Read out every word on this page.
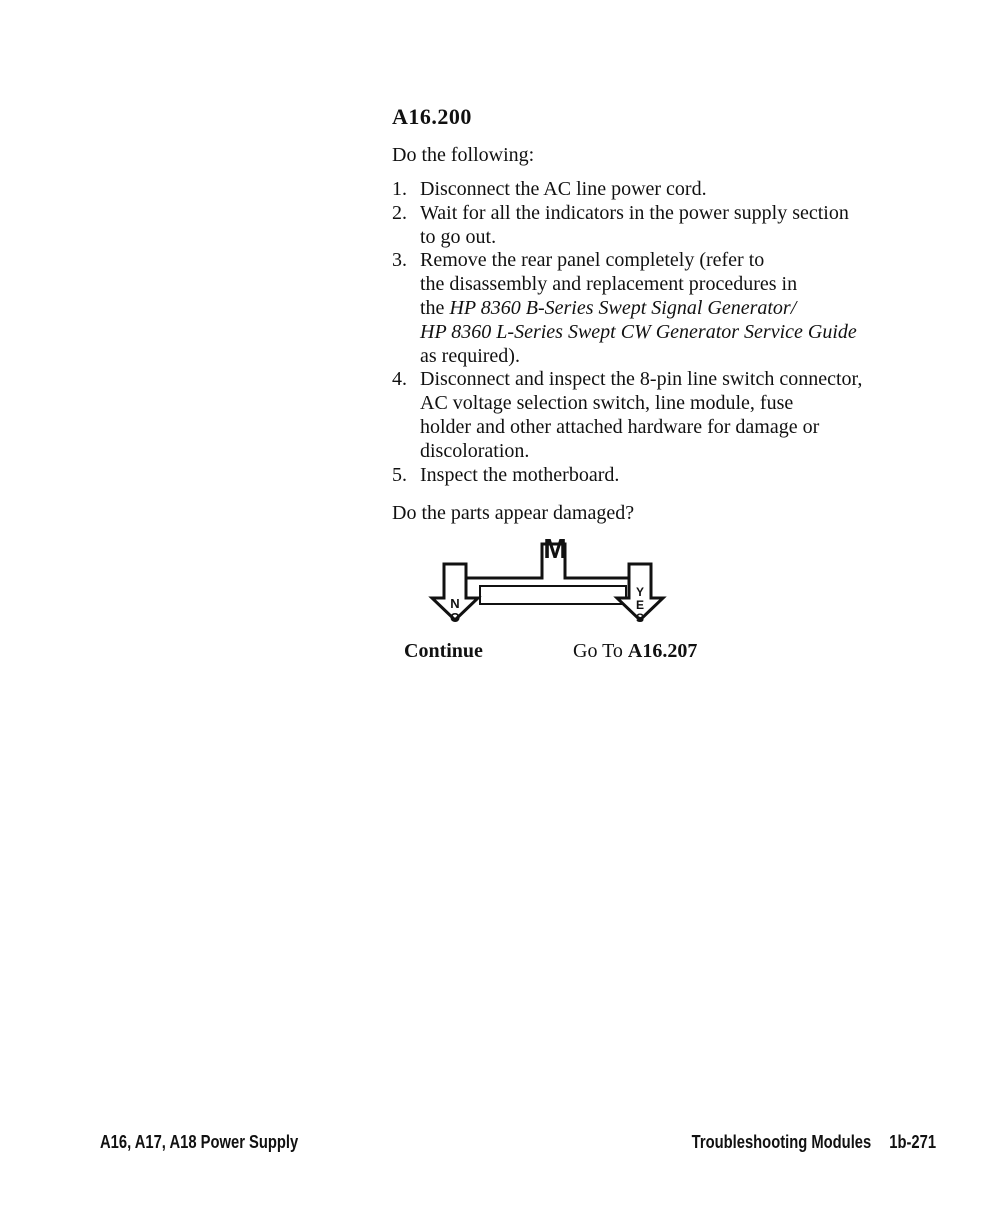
A16.200
Do the following:
1. Disconnect the AC line power cord.
2. Wait for all the indicators in the power supply section
to go out.
3. Remove the rear panel completely (refer to
the disassembly and replacement procedures in
the HP 8360 B-Series Swept Signal Generator/
HP 8360 L-Series Swept CW Generator Service Guide
as required).
4. Disconnect and inspect the 8-pin line switch connector,
AC voltage selection switch, line module, fuse
holder and other attached hardware for damage or
discoloration.
5. Inspect the motherboard.
Do the parts appear damaged?
M
N
O
Y
E
S
Continue	Go To A16.207
A16, A17, A18 Power Supply	Troubleshooting Modules 1b-271
